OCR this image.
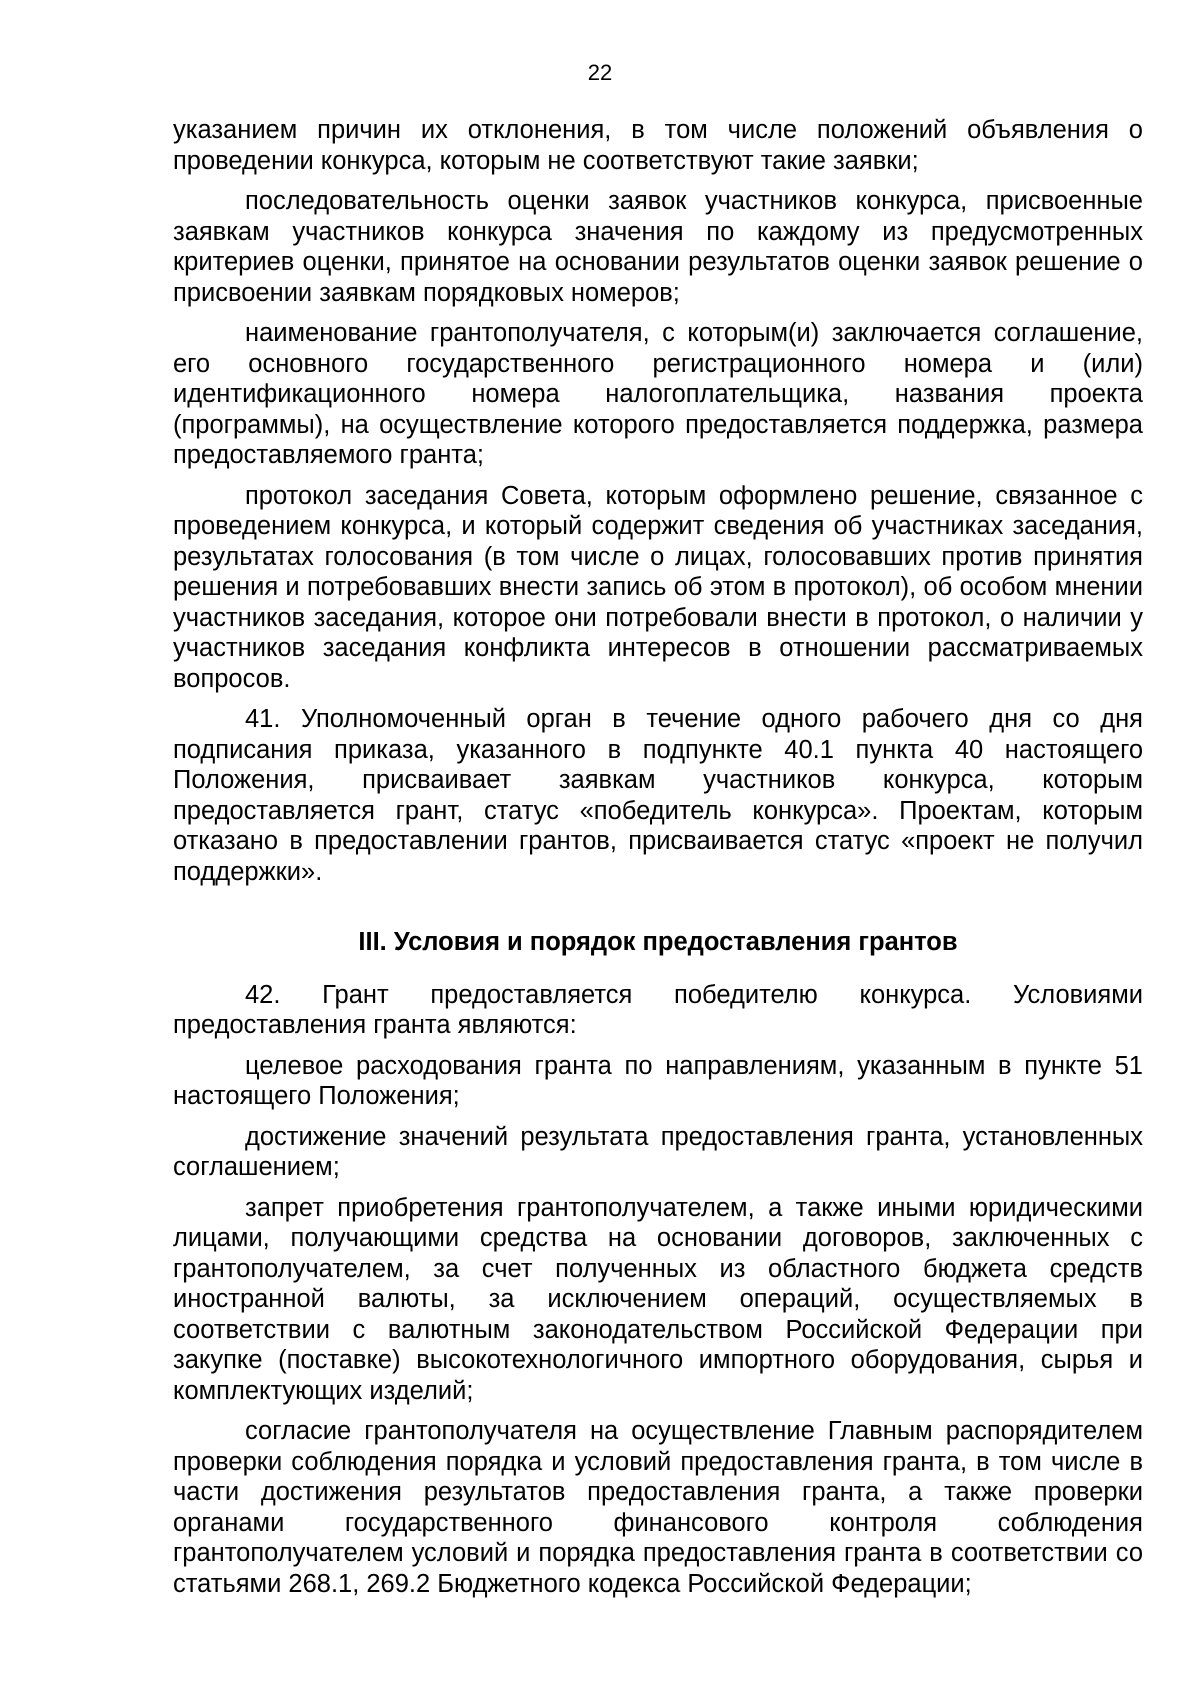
22

указанием причин их отклонения, в том числе положений объявления о проведении конкурса, которым не соответствуют такие заявки;

последовательность оценки заявок участников конкурса, присвоенные заявкам участников конкурса значения по каждому из предусмотренных критериев оценки, принятое на основании результатов оценки заявок решение о присвоении заявкам порядковых номеров;

наименование грантополучателя, с которым(и) заключается соглашение, его основного государственного регистрационного номера и (или) идентификационного номера налогоплательщика, названия проекта (программы), на осуществление которого предоставляется поддержка, размера предоставляемого гранта;

протокол заседания Совета, которым оформлено решение, связанное с проведением конкурса, и который содержит сведения об участниках заседания, результатах голосования (в том числе о лицах, голосовавших против принятия решения и потребовавших внести запись об этом в протокол), об особом мнении участников заседания, которое они потребовали внести в протокол, о наличии у участников заседания конфликта интересов в отношении рассматриваемых вопросов.

41. Уполномоченный орган в течение одного рабочего дня со дня подписания приказа, указанного в подпункте 40.1 пункта 40 настоящего Положения, присваивает заявкам участников конкурса, которым предоставляется грант, статус «победитель конкурса». Проектам, которым отказано в предоставлении грантов, присваивается статус «проект не получил поддержки».

III. Условия и порядок предоставления грантов

42. Грант предоставляется победителю конкурса. Условиями предоставления гранта являются:

целевое расходования гранта по направлениям, указанным в пункте 51 настоящего Положения;

достижение значений результата предоставления гранта, установленных соглашением;

запрет приобретения грантополучателем, а также иными юридическими лицами, получающими средства на основании договоров, заключенных с грантополучателем, за счет полученных из областного бюджета средств иностранной валюты, за исключением операций, осуществляемых в соответствии с валютным законодательством Российской Федерации при закупке (поставке) высокотехнологичного импортного оборудования, сырья и комплектующих изделий;

согласие грантополучателя на осуществление Главным распорядителем проверки соблюдения порядка и условий предоставления гранта, в том числе в части достижения результатов предоставления гранта, а также проверки органами государственного финансового контроля соблюдения грантополучателем условий и порядка предоставления гранта в соответствии со статьями 268.1, 269.2 Бюджетного кодекса Российской Федерации;
